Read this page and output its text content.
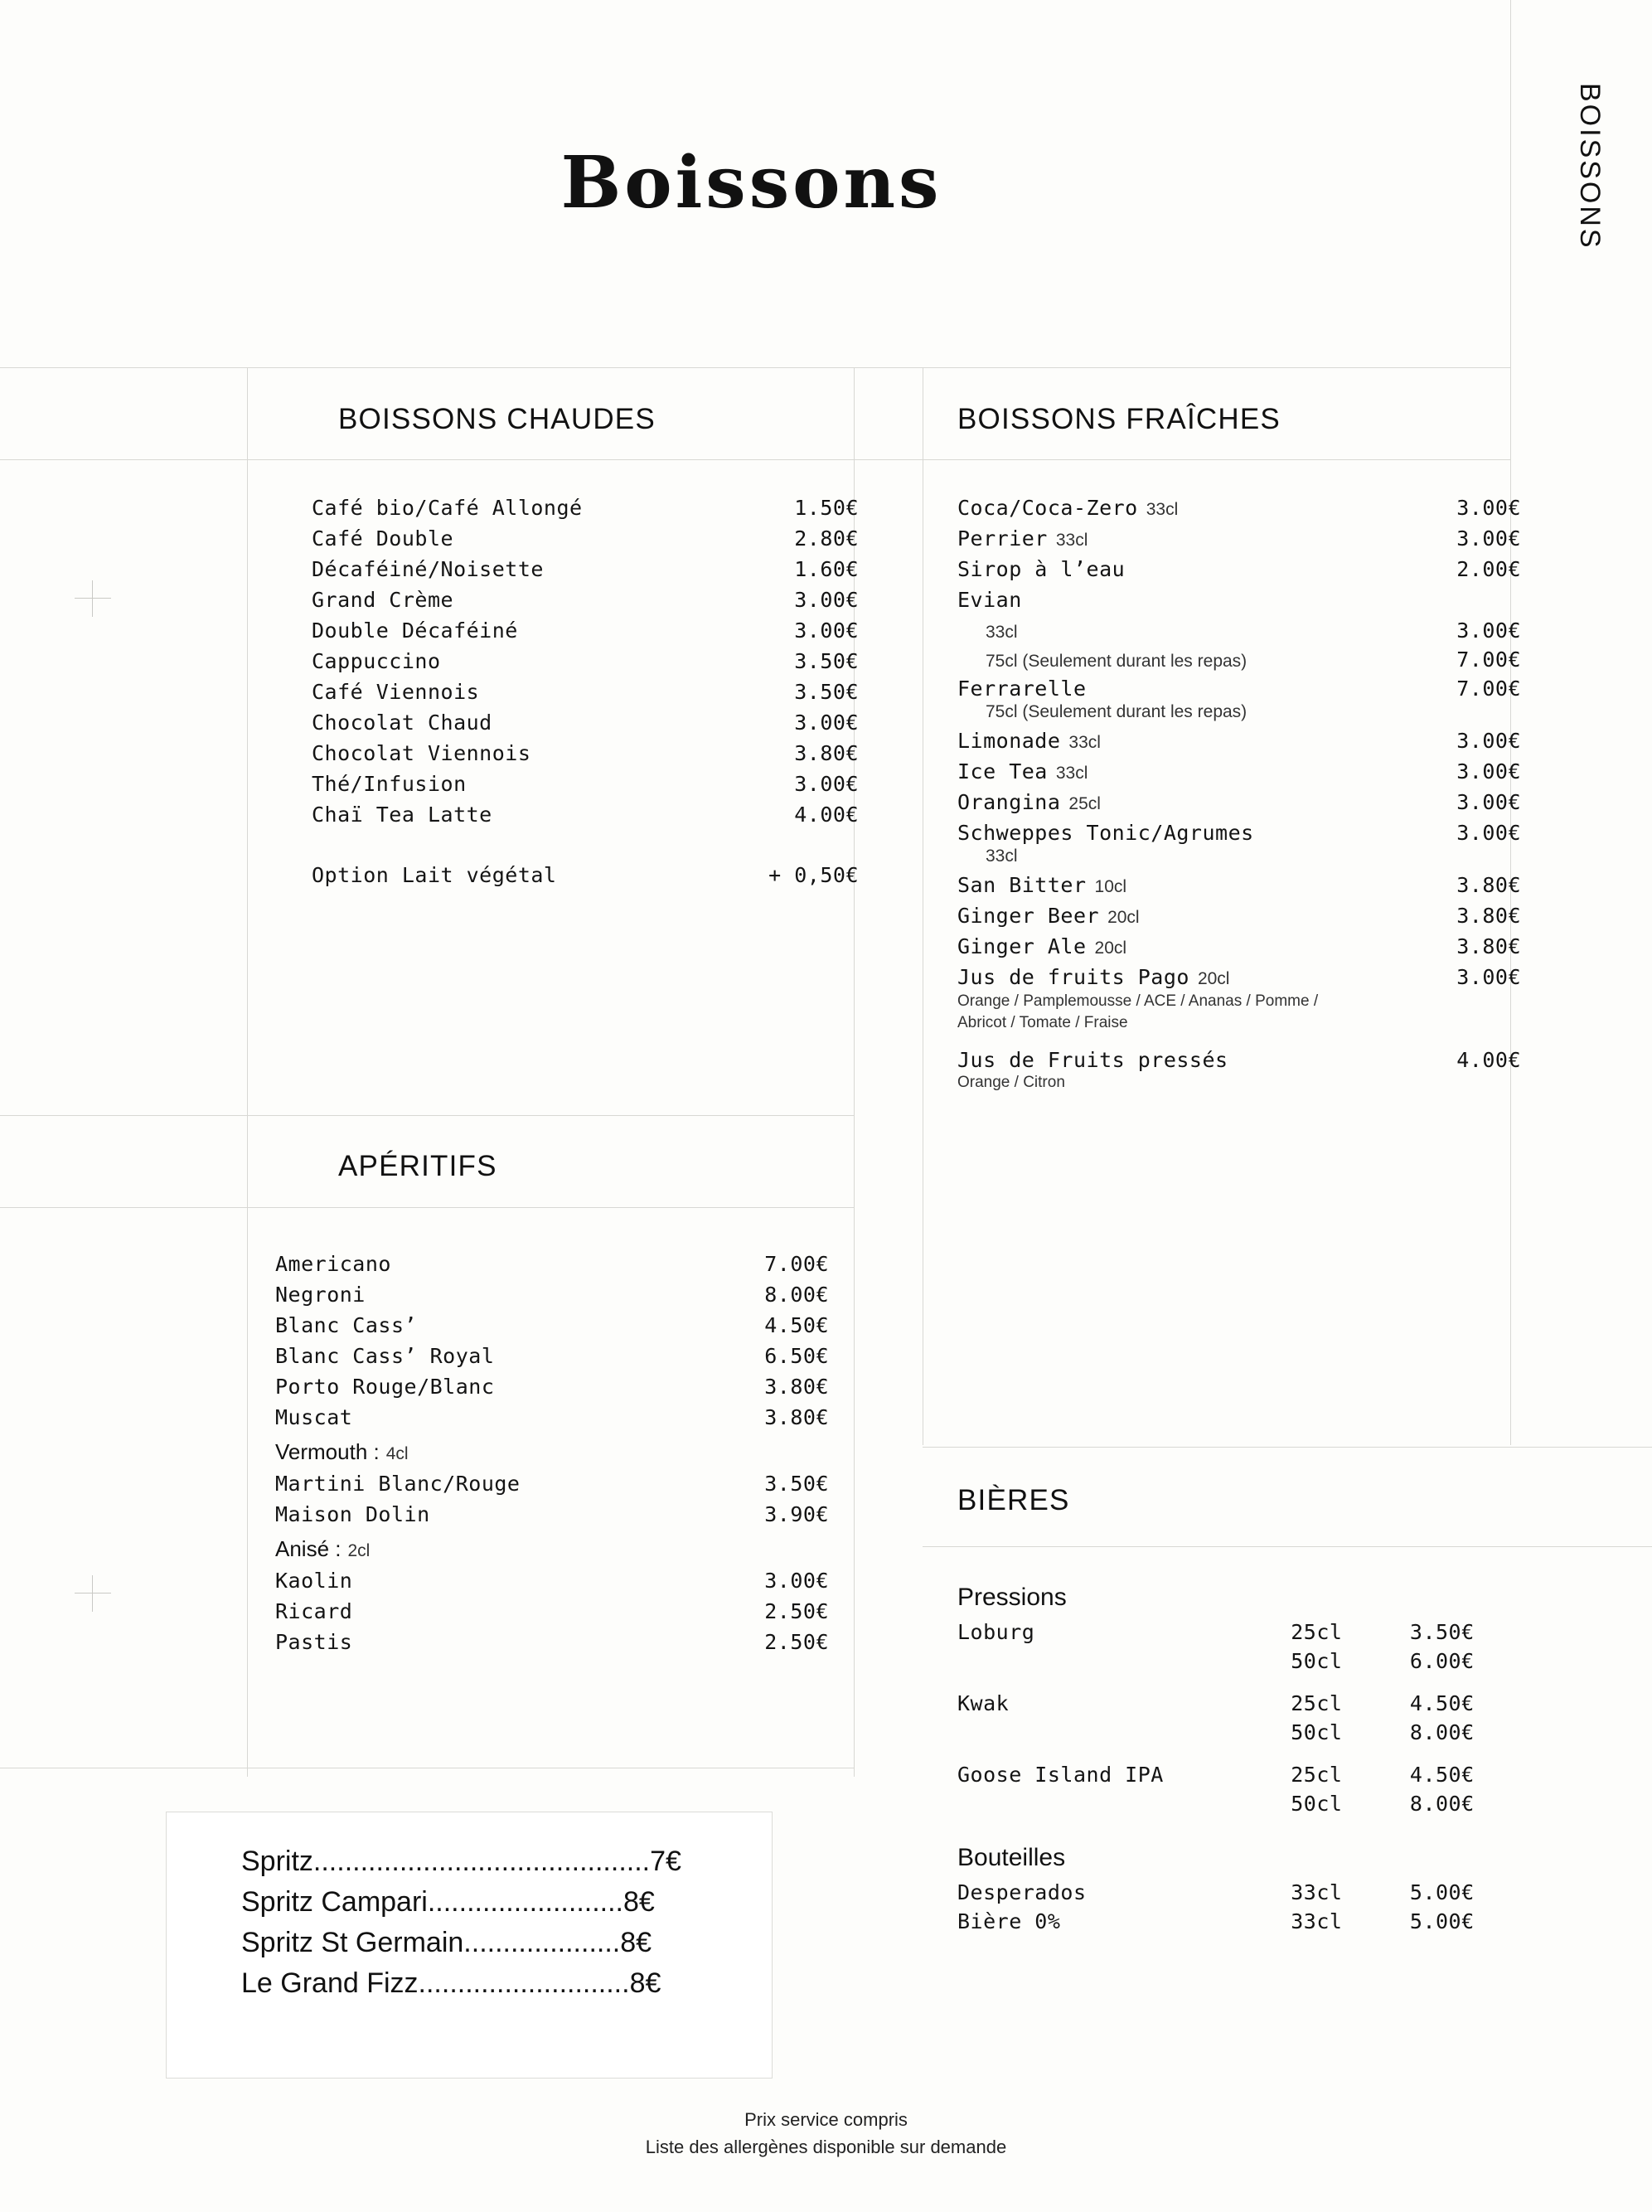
Boissons	BOISSONS
BOISSONS CHAUDES
Café bio/Café Allongé	1.50€
Café Double	2.80€
Décaféiné/Noisette	1.60€
Grand Crème	3.00€
Double Décaféiné	3.00€
Cappuccino	3.50€
Café Viennois	3.50€
Chocolat Chaud	3.00€
Chocolat Viennois	3.80€
Thé/Infusion	3.00€
Chaï Tea Latte	4.00€
Option Lait végétal	+ 0,50€
APÉRITIFS
Americano	7.00€
Negroni	8.00€
Blanc Cass’	4.50€
Blanc Cass’ Royal	6.50€
Porto Rouge/Blanc	3.80€
Muscat	3.80€
Vermouth : 4cl
Martini Blanc/Rouge	3.50€
Maison Dolin	3.90€
Anisé : 2cl
Kaolin	3.00€
Ricard	2.50€
Pastis	2.50€
Spritz...........................................7€
Spritz Campari.........................8€
Spritz St Germain....................8€
Le Grand Fizz...........................8€
BOISSONS FRAÎCHES
Coca/Coca-Zero 33cl	3.00€
Perrier 33cl	3.00€
Sirop à l’eau	2.00€
Evian
33cl	3.00€
75cl (Seulement durant les repas)	7.00€
Ferrarelle	7.00€
75cl (Seulement durant les repas)
Limonade 33cl	3.00€
Ice Tea 33cl	3.00€
Orangina 25cl	3.00€
Schweppes Tonic/Agrumes	3.00€
33cl
San Bitter 10cl	3.80€
Ginger Beer 20cl	3.80€
Ginger Ale 20cl	3.80€
Jus de fruits Pago 20cl	3.00€
Orange / Pamplemousse / ACE / Ananas / Pomme / Abricot / Tomate / Fraise
Jus de Fruits pressés	4.00€
Orange / Citron
BIÈRES
Pressions
Loburg	25cl	3.50€
50cl	6.00€
Kwak	25cl	4.50€
50cl	8.00€
Goose Island IPA	25cl	4.50€
50cl	8.00€
Bouteilles
Desperados	33cl	5.00€
Bière 0%	33cl	5.00€
Prix service compris
Liste des allergènes disponible sur demande
